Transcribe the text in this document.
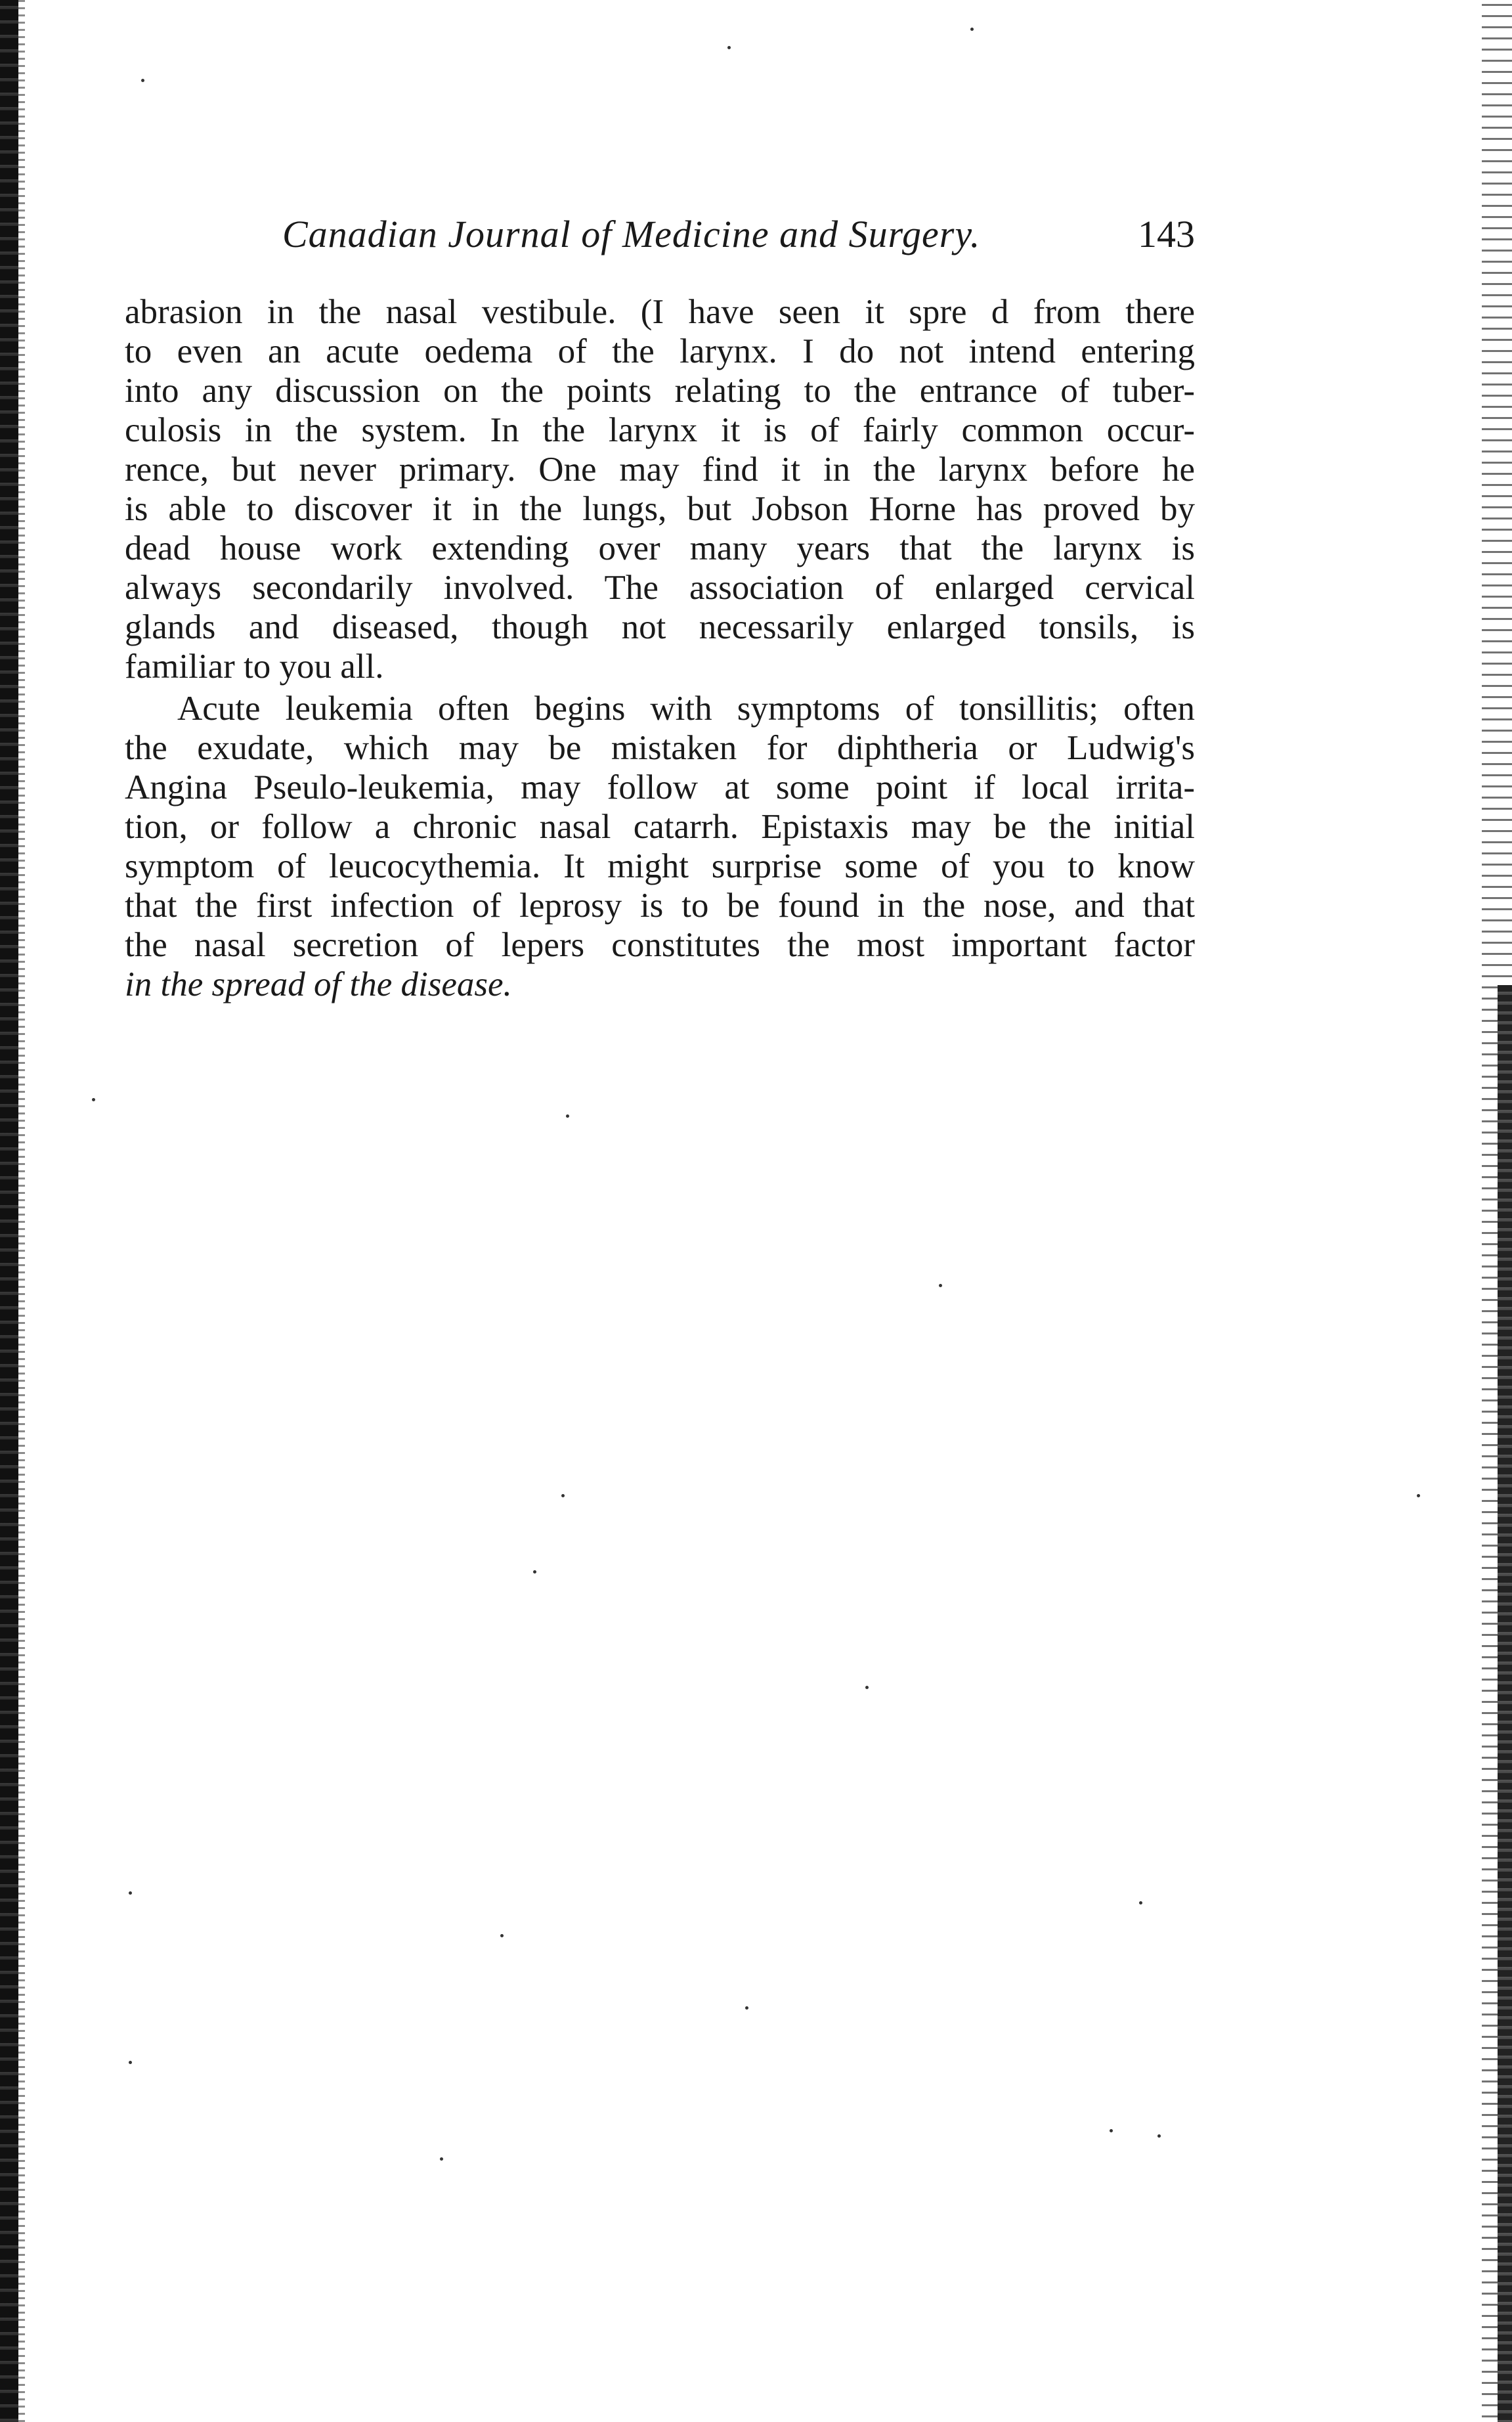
Canadian Journal of Medicine and Surgery.	143
abrasion in the nasal vestibule. (I have seen it spre d from there
to even an acute oedema of the larynx. I do not intend entering
into any discussion on the points relating to the entrance of tuber-
culosis in the system. In the larynx it is of fairly common occur-
rence, but never primary. One may find it in the larynx before he
is able to discover it in the lungs, but Jobson Horne has proved by
dead house work extending over many years that the larynx is
always secondarily involved. The association of enlarged cervical
glands and diseased, though not necessarily enlarged tonsils, is
familiar to you all.
Acute leukemia often begins with symptoms of tonsillitis; often
the exudate, which may be mistaken for diphtheria or Ludwig's
Angina Pseulo-leukemia, may follow at some point if local irrita-
tion, or follow a chronic nasal catarrh. Epistaxis may be the initial
symptom of leucocythemia. It might surprise some of you to know
that the first infection of leprosy is to be found in the nose, and that
the nasal secretion of lepers constitutes the most important factor
in the spread of the disease.
